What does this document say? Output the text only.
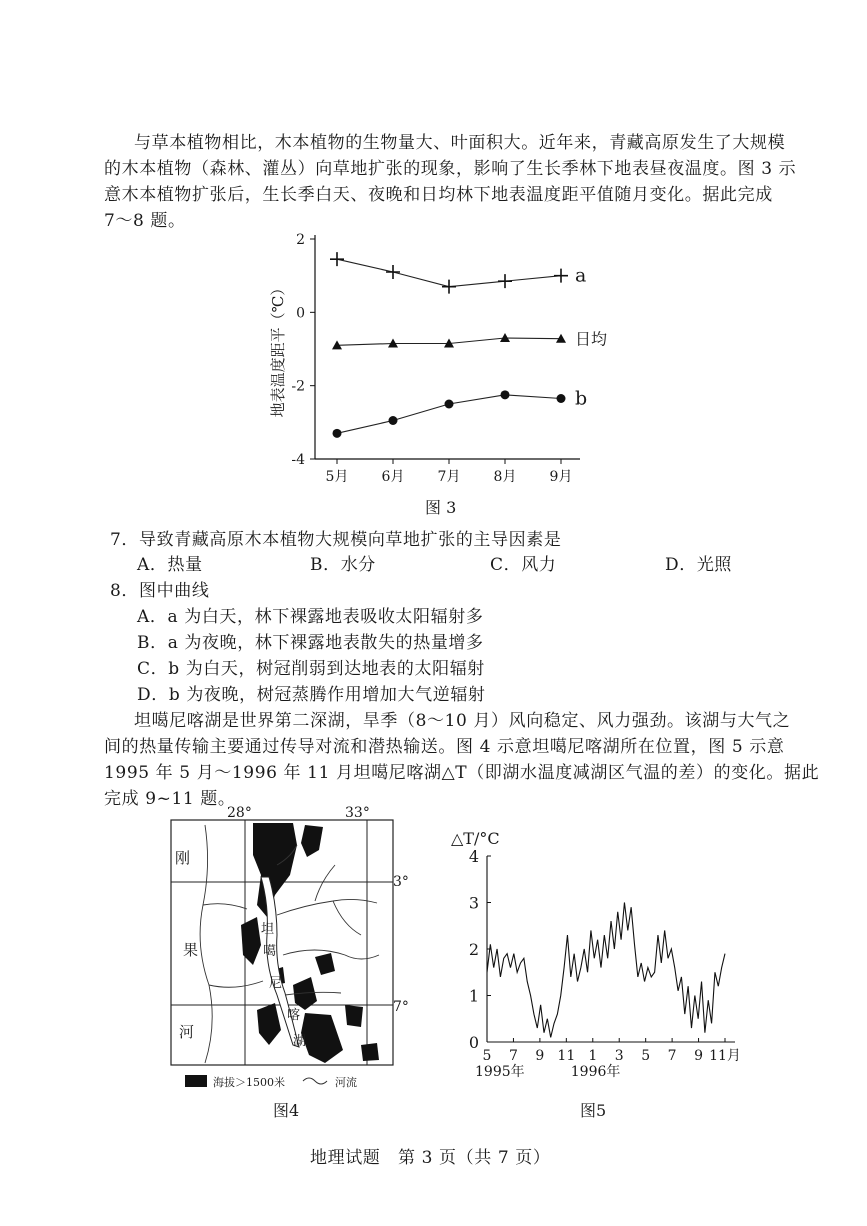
与草本植物相比，木本植物的生物量大、叶面积大。近年来，青藏高原发生了大规模
的木本植物（森林、灌丛）向草地扩张的现象，影响了生长季林下地表昼夜温度。图 3 示
意木本植物扩张后，生长季白天、夜晚和日均林下地表温度距平值随月变化。据此完成
7～8 题。
2
0
-2
-4
5月 6月 7月 8月 9月
地表温度距平（℃）
a
日均
b
图 3
7．导致青藏高原木本植物大规模向草地扩张的主导因素是
A．热量	B．水分	C．风力	D．光照
8．图中曲线
A．a 为白天，林下裸露地表吸收太阳辐射多
B．a 为夜晚，林下裸露地表散失的热量增多
C．b 为白天，树冠削弱到达地表的太阳辐射
D．b 为夜晚，树冠蒸腾作用增加大气逆辐射
坦噶尼喀湖是世界第二深湖，旱季（8～10 月）风向稳定、风力强劲。该湖与大气之
间的热量传输主要通过传导对流和潜热输送。图 4 示意坦噶尼喀湖所在位置，图 5 示意
1995 年 5 月～1996 年 11 月坦噶尼喀湖△T（即湖水温度减湖区气温的差）的变化。据此
完成 9~11 题。
28°	33°
3°
7°
刚
果
河
坦
噶
尼
喀
湖
海拔＞1500米	河流
图4
△T/°C
4
3
2
1
0
5 7 9 11 1 3 5 7 9 11月
1995年	1996年
图5
地理试题　第 3 页（共 7 页）
